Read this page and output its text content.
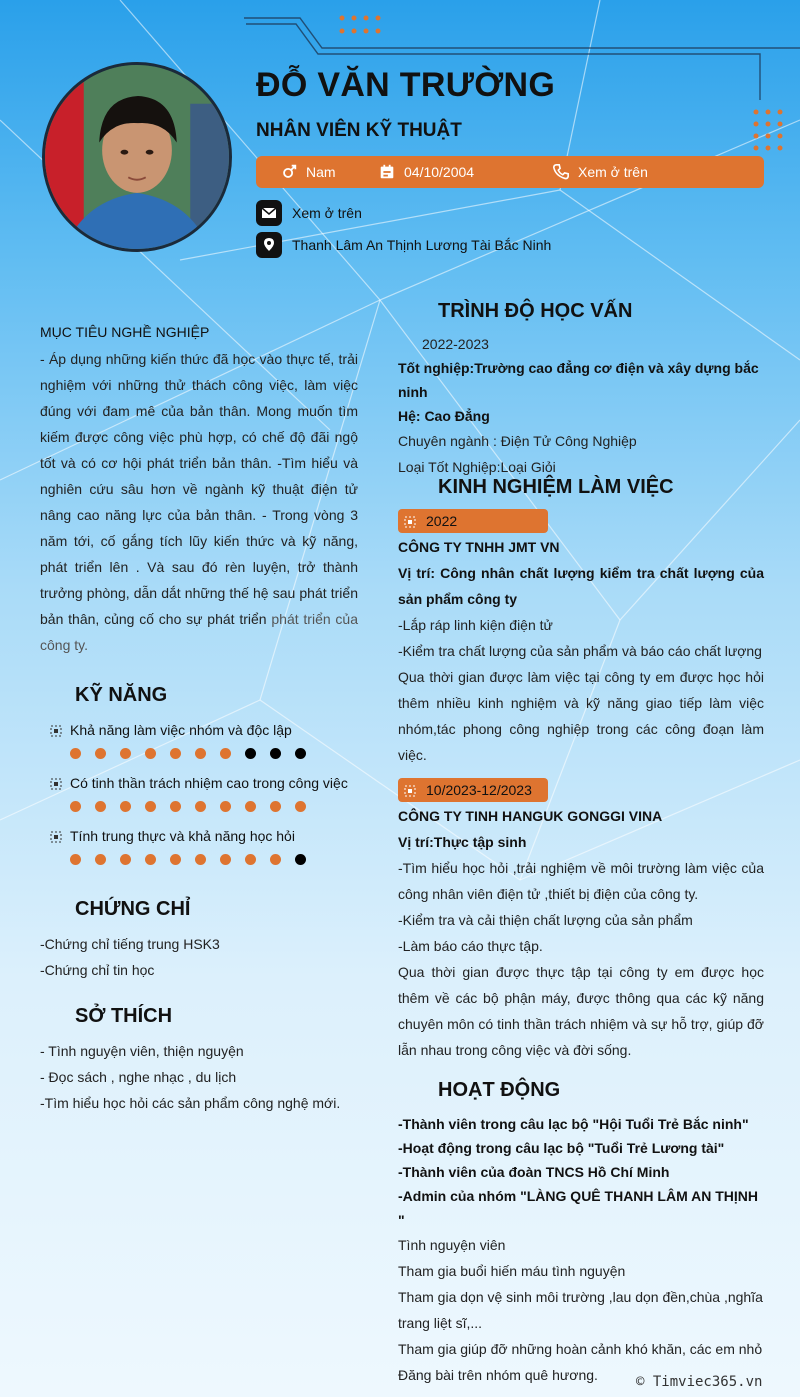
ĐỖ VĂN TRƯỜNG
NHÂN VIÊN KỸ THUẬT
Nam	04/10/2004	Xem ở trên
Xem ở trên
Thanh Lâm An Thịnh Lương Tài Bắc Ninh
MỤC TIÊU NGHỀ NGHIỆP
- Áp dụng những kiến thức đã học vào thực tế, trải nghiệm với những thử thách công việc, làm việc đúng với đam mê của bản thân. Mong muốn tìm kiếm được công việc phù hợp, có chế độ đãi ngộ tốt và có cơ hội phát triển bản thân. -Tìm hiểu và nghiên cứu sâu hơn về ngành kỹ thuật điện tử nâng cao năng lực của bản thân. - Trong vòng 3 năm tới, cố gắng tích lũy kiến thức và kỹ năng, phát triển lên . Và sau đó rèn luyện, trở thành trưởng phòng, dẫn dắt những thế hệ sau phát triển bản thân, củng cố cho sự phát triển phát triển của công ty.
KỸ NĂNG
Khả năng làm việc nhóm và độc lập
Có tinh thần trách nhiệm cao trong công việc
Tính trung thực và khả năng học hỏi
CHỨNG CHỈ
-Chứng chỉ tiếng trung HSK3
-Chứng chỉ tin học
SỞ THÍCH
- Tình nguyện viên, thiện nguyện
- Đọc sách , nghe nhạc , du lịch
-Tìm hiểu học hỏi các sản phẩm công nghệ mới.
TRÌNH ĐỘ HỌC VẤN
2022-2023
Tốt nghiệp:Trường cao đẳng cơ điện và xây dựng bắc ninh
Hệ: Cao Đẳng
Chuyên ngành : Điện Tử Công Nghiệp
Loại Tốt Nghiệp:Loại Giỏi
KINH NGHIỆM LÀM VIỆC
2022
CÔNG TY TNHH JMT VN
Vị trí: Công nhân chất lượng kiểm tra chất lượng của sản phẩm công ty
-Lắp ráp linh kiện điện tử
-Kiểm tra chất lượng của sản phẩm và báo cáo chất lượng
Qua thời gian được làm việc tại công ty em được học hỏi thêm nhiều kinh nghiệm và kỹ năng giao tiếp làm việc nhóm,tác phong công nghiệp trong các công đoạn làm việc.
10/2023-12/2023
CÔNG TY TINH HANGUK GONGGI VINA
Vị trí:Thực tập sinh
-Tìm hiểu học hỏi ,trải nghiệm về môi trường làm việc của công nhân viên điện tử ,thiết bị điện của công ty.
-Kiểm tra và cải thiện chất lượng của sản phẩm
-Làm báo cáo thực tập.
Qua thời gian được thực tập tại công ty em được học thêm về các bộ phận máy, được thông qua các kỹ năng chuyên môn có tinh thần trách nhiệm và sự hỗ trợ, giúp đỡ lẫn nhau trong công việc và đời sống.
HOẠT ĐỘNG
-Thành viên trong câu lạc bộ "Hội Tuổi Trẻ Bắc ninh"
-Hoạt động trong câu lạc bộ "Tuổi Trẻ Lương tài"
-Thành viên của đoàn TNCS Hồ Chí Minh
-Admin của nhóm "LÀNG QUÊ THANH LÂM AN THỊNH "
Tình nguyện viên
Tham gia buổi hiến máu tình nguyện
Tham gia dọn vệ sinh môi trường ,lau dọn đền,chùa ,nghĩa trang liệt sĩ,...
Tham gia giúp đỡ những hoàn cảnh khó khăn, các em nhỏ
Đăng bài trên nhóm quê hương.	© Timviec365.vn
